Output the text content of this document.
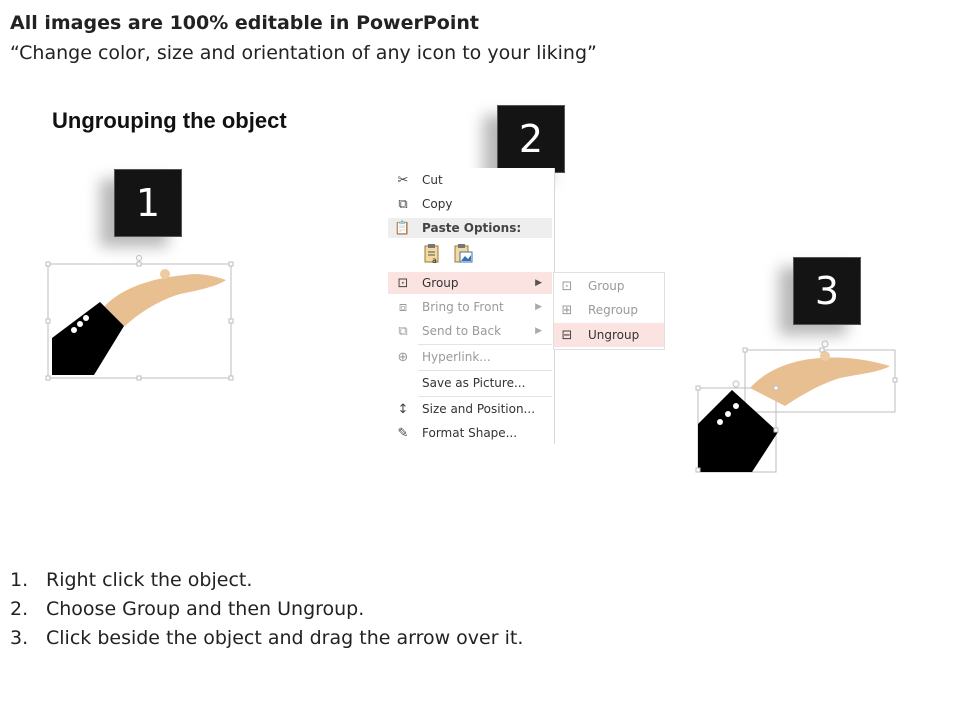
All images are 100% editable in PowerPoint
“Change color, size and orientation of any icon to your liking”
Ungrouping the object
1
2
3
✂ Cut
⧉	Copy
📋 Paste Options:
a
⊡ Group	▶
⧈	Bring to Front	▶
⧉	Send to Back	▶
⊕ Hyperlink...
Save as Picture...
↕ Size and Position...
✎ Format Shape...
⊡ Group
⊞ Regroup
⊟ Ungroup
1. Right click the object.
2. Choose Group and then Ungroup.
3. Click beside the object and drag the arrow over it.
